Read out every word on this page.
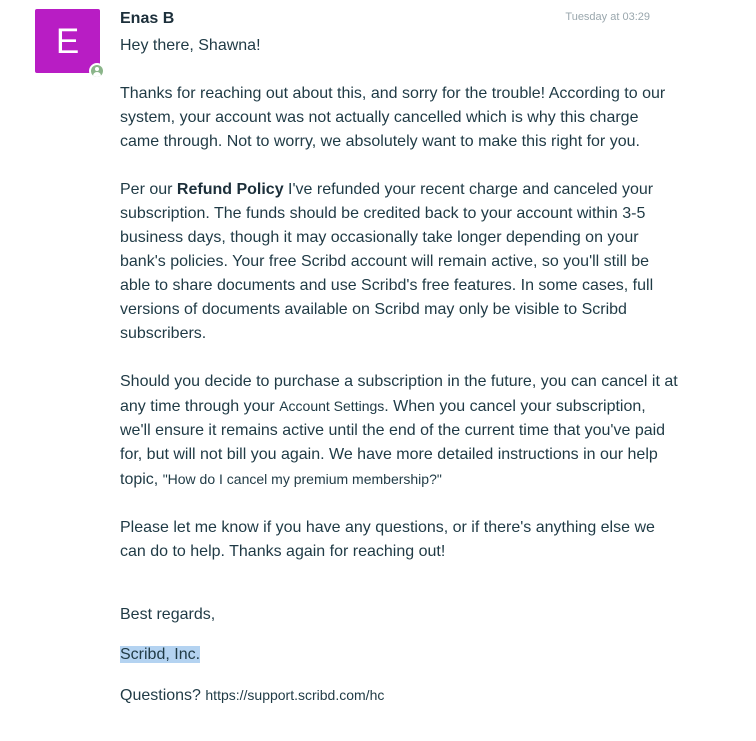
E
Enas B	Tuesday at 03:29

Hey there, Shawna!

Thanks for reaching out about this, and sorry for the trouble! According to our system, your account was not actually cancelled which is why this charge came through. Not to worry, we absolutely want to make this right for you.

Per our Refund Policy I've refunded your recent charge and canceled your subscription. The funds should be credited back to your account within 3-5 business days, though it may occasionally take longer depending on your bank's policies. Your free Scribd account will remain active, so you'll still be able to share documents and use Scribd's free features. In some cases, full versions of documents available on Scribd may only be visible to Scribd subscribers.

Should you decide to purchase a subscription in the future, you can cancel it at any time through your Account Settings. When you cancel your subscription, we'll ensure it remains active until the end of the current time that you've paid for, but will not bill you again. We have more detailed instructions in our help topic, "How do I cancel my premium membership?"

Please let me know if you have any questions, or if there's anything else we can do to help. Thanks again for reaching out!

Best regards,
Scribd, Inc.
Questions? https://support.scribd.com/hc
